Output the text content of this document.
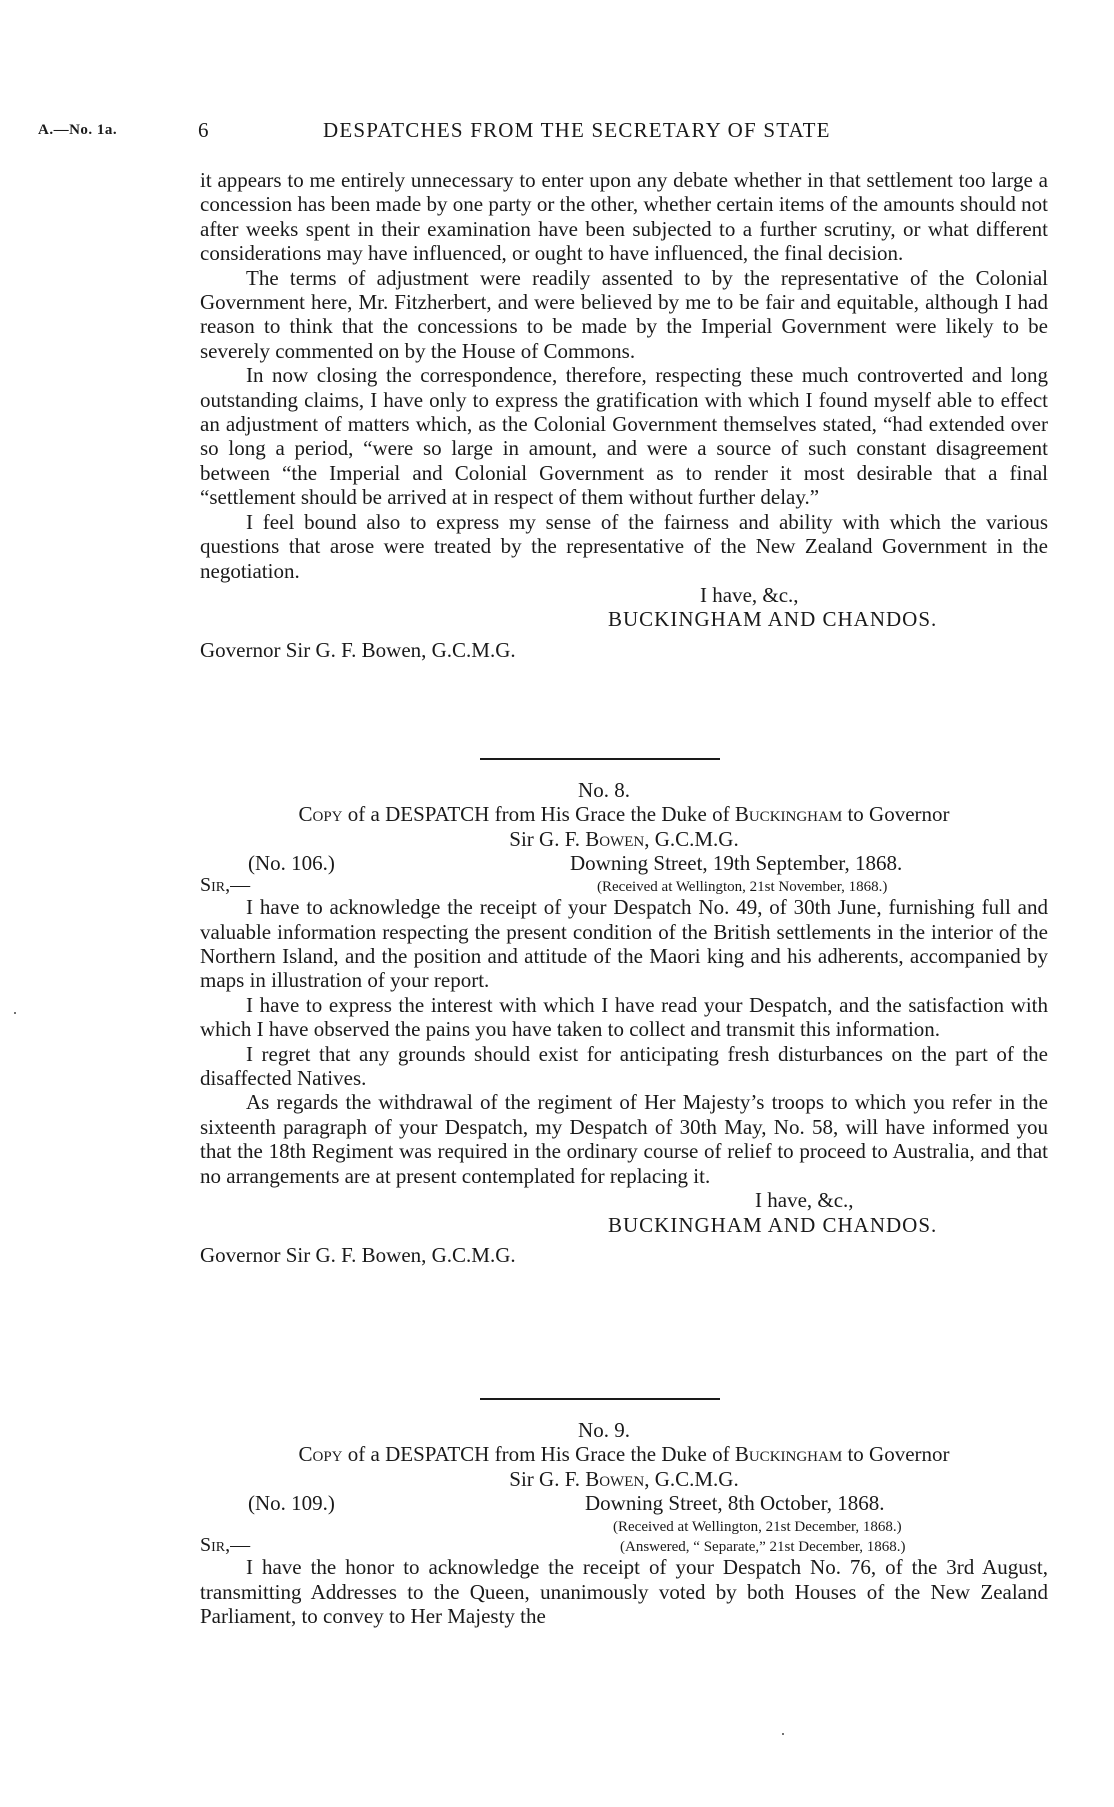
A.—No. 1a.	6	DESPATCHES FROM THE SECRETARY OF STATE

it appears to me entirely unnecessary to enter upon any debate whether in that settlement too large a concession has been made by one party or the other, whether certain items of the amounts should not after weeks spent in their examination have been subjected to a further scrutiny, or what different considerations may have influenced, or ought to have influenced, the final decision.

The terms of adjustment were readily assented to by the representative of the Colonial Government here, Mr. Fitzherbert, and were believed by me to be fair and equitable, although I had reason to think that the concessions to be made by the Imperial Government were likely to be severely commented on by the House of Commons.

In now closing the correspondence, therefore, respecting these much controverted and long outstanding claims, I have only to express the gratification with which I found myself able to effect an adjustment of matters which, as the Colonial Government themselves stated, “had extended over so long a period, “were so large in amount, and were a source of such constant disagreement between “the Imperial and Colonial Government as to render it most desirable that a final “settlement should be arrived at in respect of them without further delay.”

I feel bound also to express my sense of the fairness and ability with which the various questions that arose were treated by the representative of the New Zealand Government in the negotiation.

I have, &c.,
BUCKINGHAM AND CHANDOS.

Governor Sir G. F. Bowen, G.C.M.G.

No. 8.

Copy of a DESPATCH from His Grace the Duke of Buckingham to Governor
Sir G. F. Bowen, G.C.M.G.

(No. 106.)	Downing Street, 19th September, 1868.
Sir,—	(Received at Wellington, 21st November, 1868.)

I have to acknowledge the receipt of your Despatch No. 49, of 30th June, furnishing full and valuable information respecting the present condition of the British settlements in the interior of the Northern Island, and the position and attitude of the Maori king and his adherents, accompanied by maps in illustration of your report.

I have to express the interest with which I have read your Despatch, and the satisfaction with which I have observed the pains you have taken to collect and transmit this information.

I regret that any grounds should exist for anticipating fresh disturbances on the part of the disaffected Natives.

As regards the withdrawal of the regiment of Her Majesty’s troops to which you refer in the sixteenth paragraph of your Despatch, my Despatch of 30th May, No. 58, will have informed you that the 18th Regiment was required in the ordinary course of relief to proceed to Australia, and that no arrangements are at present contemplated for replacing it.

I have, &c.,
BUCKINGHAM AND CHANDOS.

Governor Sir G. F. Bowen, G.C.M.G.

No. 9.

Copy of a DESPATCH from His Grace the Duke of Buckingham to Governor
Sir G. F. Bowen, G.C.M.G.

(No. 109.)	Downing Street, 8th October, 1868.
(Received at Wellington, 21st December, 1868.)
Sir,—	(Answered, “ Separate,” 21st December, 1868.)

I have the honor to acknowledge the receipt of your Despatch No. 76, of the 3rd August, transmitting Addresses to the Queen, unanimously voted by both Houses of the New Zealand Parliament, to convey to Her Majesty the
